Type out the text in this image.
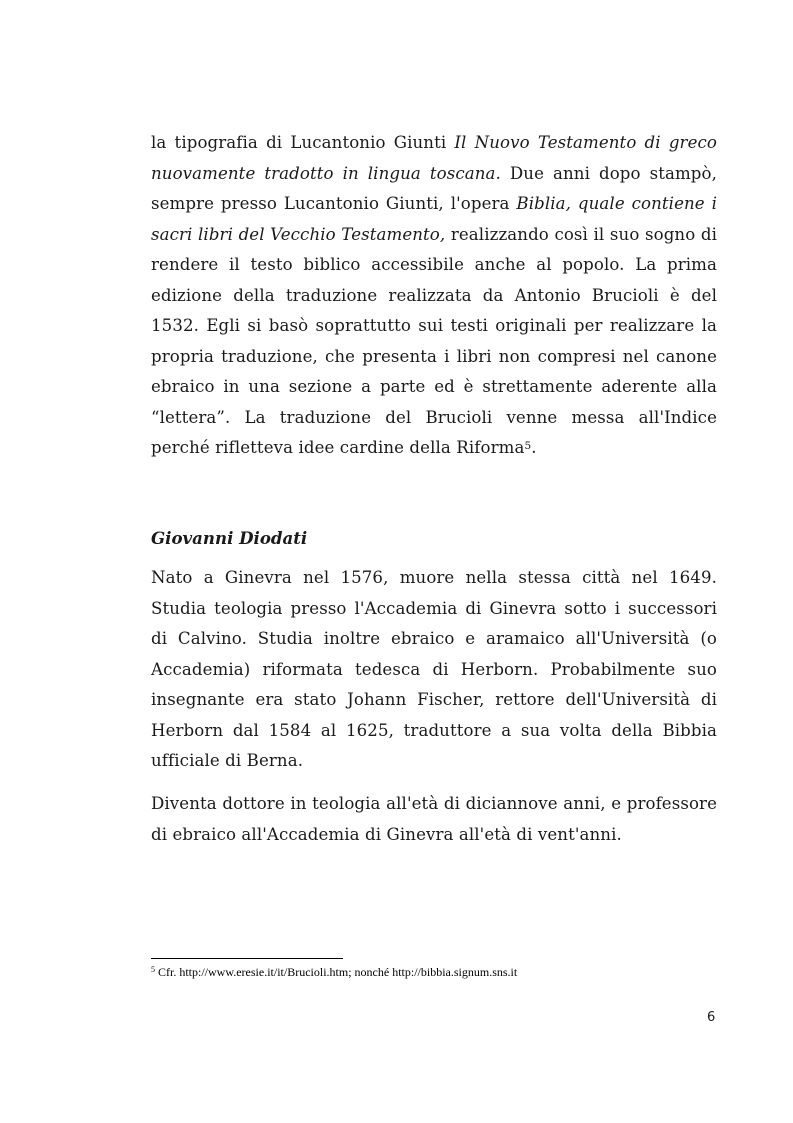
la tipografia di Lucantonio Giunti Il Nuovo Testamento di greco nuovamente tradotto in lingua toscana. Due anni dopo stampò, sempre presso Lucantonio Giunti, l'opera Biblia, quale contiene i sacri libri del Vecchio Testamento, realizzando così il suo sogno di rendere il testo biblico accessibile anche al popolo. La prima edizione della traduzione realizzata da Antonio Brucioli è del 1532. Egli si basò soprattutto sui testi originali per realizzare la propria traduzione, che presenta i libri non compresi nel canone ebraico in una sezione a parte ed è strettamente aderente alla “lettera”. La traduzione del Brucioli venne messa all'Indice perché rifletteva idee cardine della Riforma$^5$.
Giovanni Diodati
Nato a Ginevra nel 1576, muore nella stessa città nel 1649. Studia teologia presso l'Accademia di Ginevra sotto i successori di Calvino. Studia inoltre ebraico e aramaico all'Università (o Accademia) riformata tedesca di Herborn. Probabilmente suo insegnante era stato Johann Fischer, rettore dell'Università di Herborn dal 1584 al 1625, traduttore a sua volta della Bibbia ufficiale di Berna.
Diventa dottore in teologia all'età di diciannove anni, e professore di ebraico all'Accademia di Ginevra all'età di vent'anni.
$^5$ Cfr. http://www.eresie.it/it/Brucioli.htm; nonché http://bibbia.signum.sns.it
6
